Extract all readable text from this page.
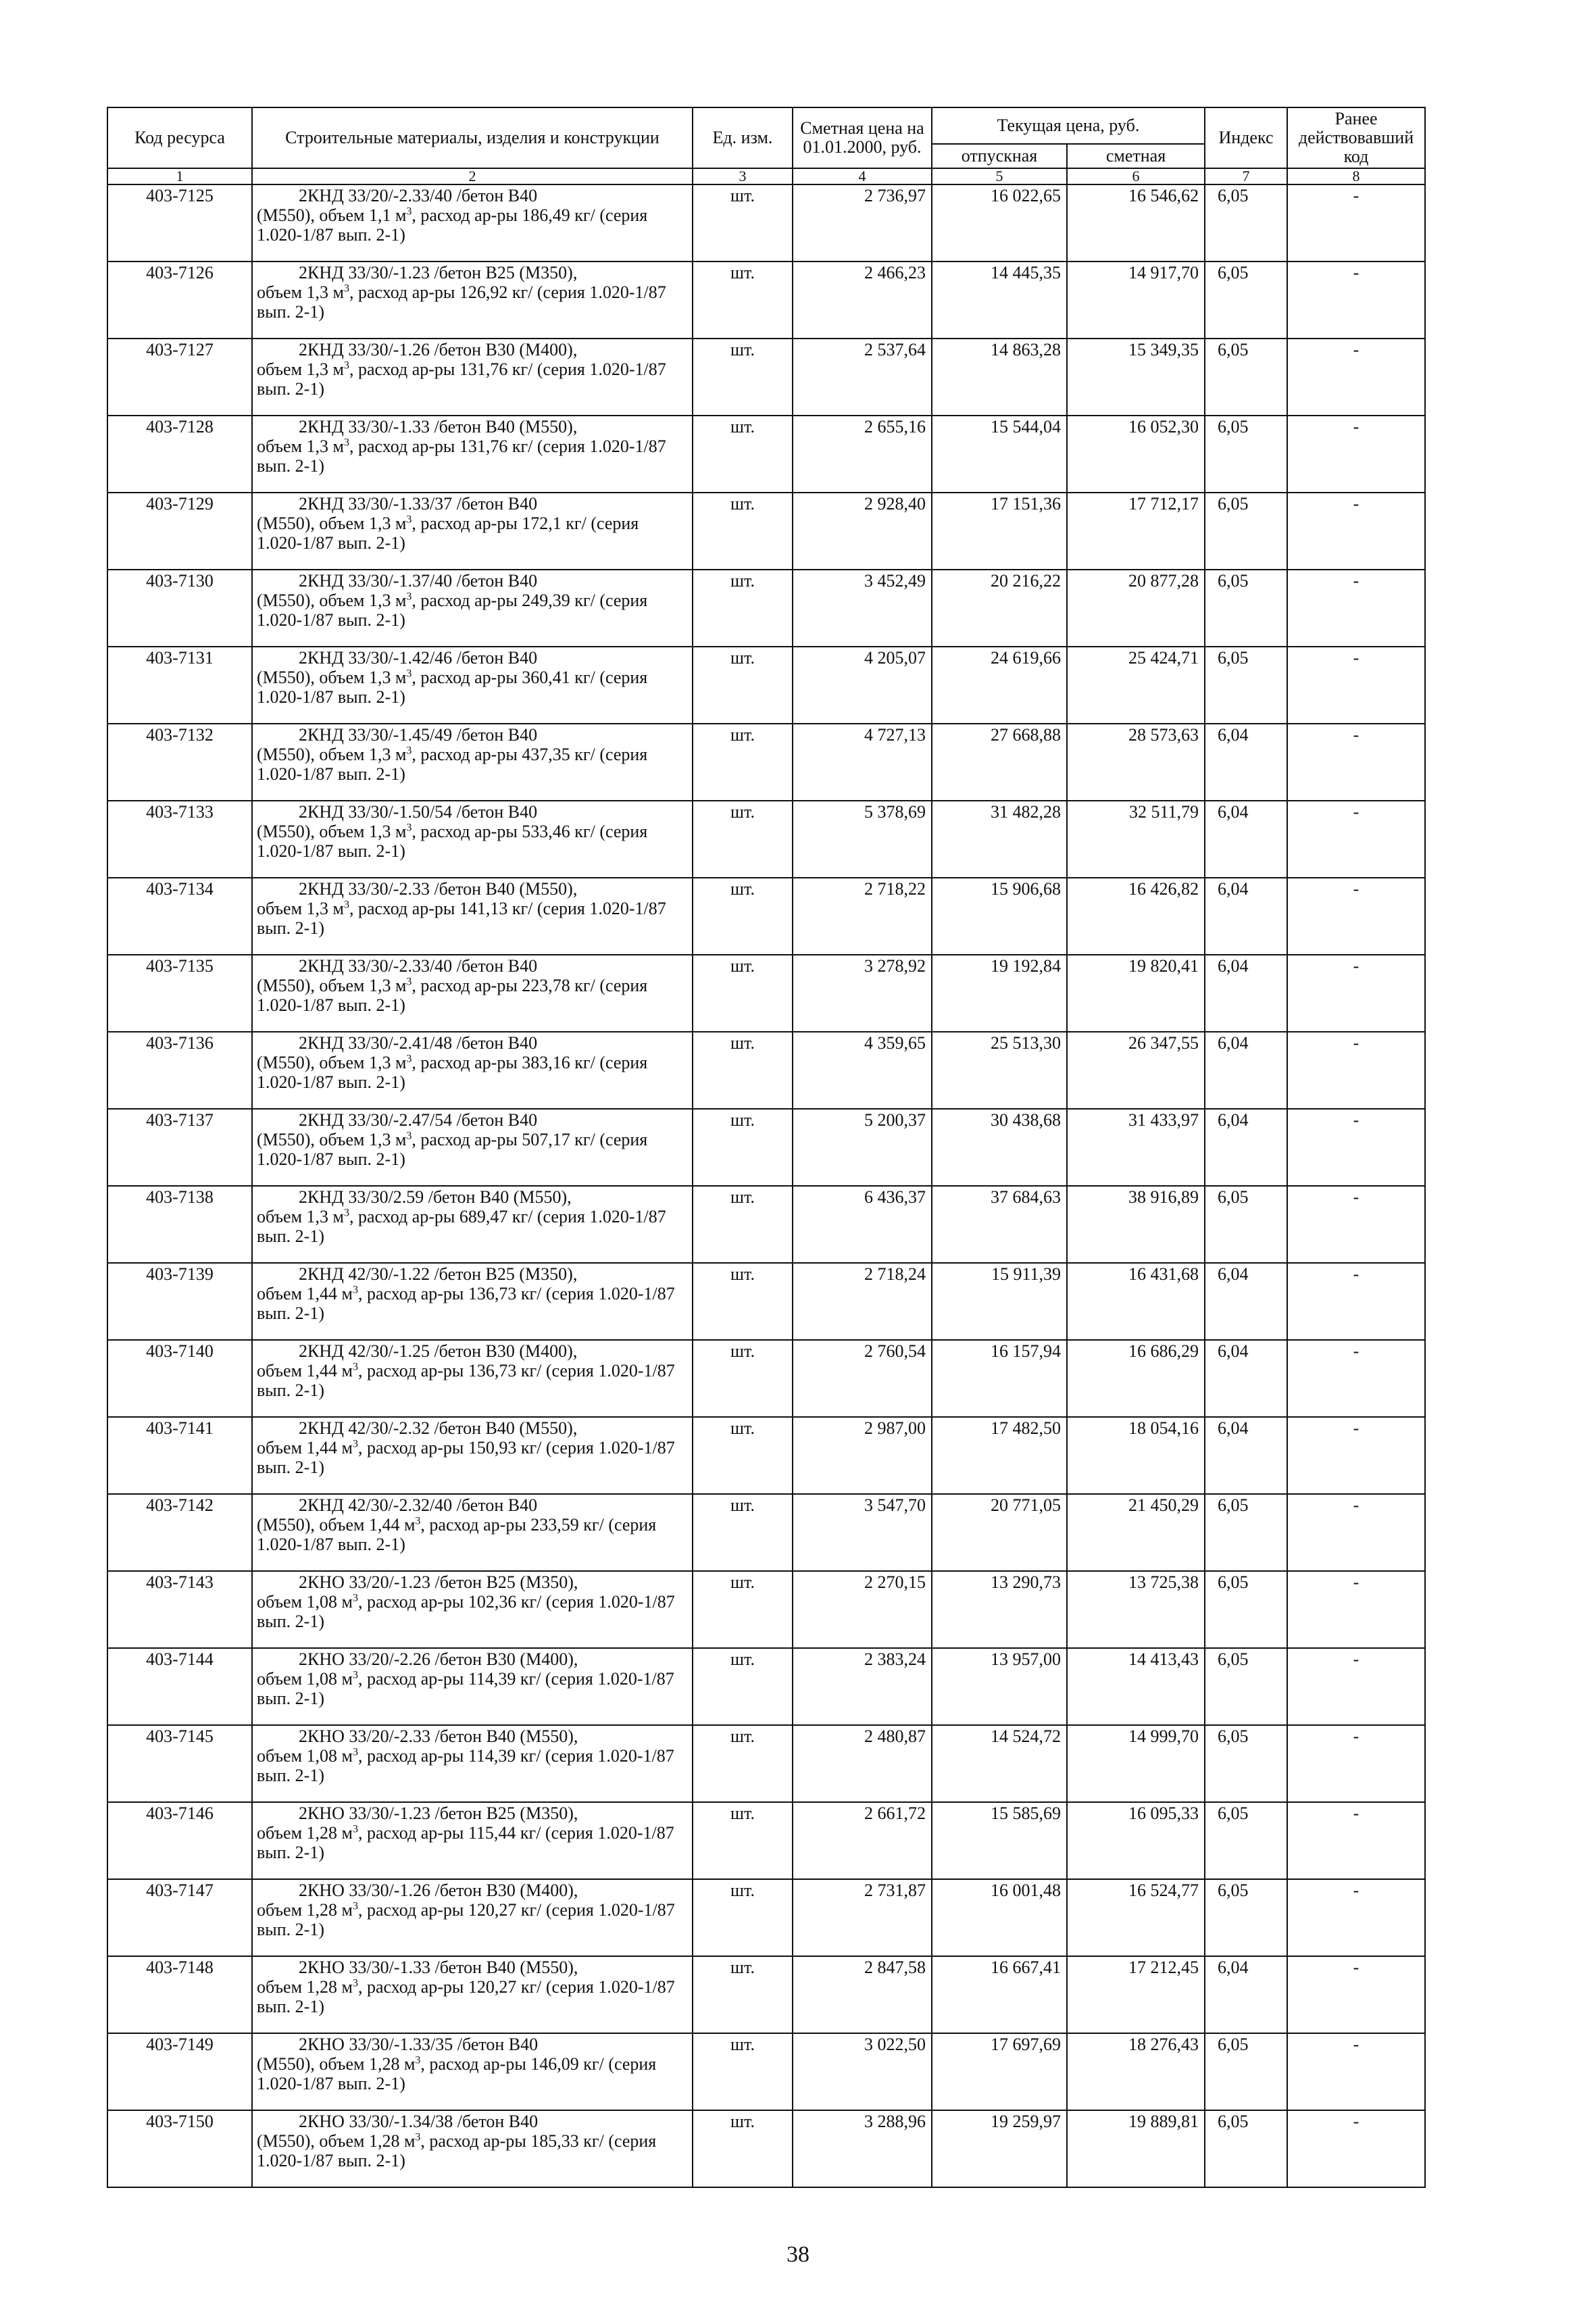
Код ресурса	Строительные материалы, изделия и конструкции	Ед. изм.	Сметная цена на 01.01.2000, руб.	Текущая цена, руб.		Индекс	Ранее действовавший код
				отпускная	сметная		
1	2	3	4	5	6	7	8
403-7125	2КНД 33/20/-2.33/40 /бетон В40
(М550), объем 1,1 $м^3$, расход ар-ры 186,49 кг/ (серия 1.020-1/87 вып. 2-1)	шт.	2 736,97	16 022,65	16 546,62	6,05	-
403-7126	2КНД 33/30/-1.23 /бетон В25 (М350),
объем 1,3 $м^3$, расход ар-ры 126,92 кг/ (серия 1.020-1/87 вып. 2-1)	шт.	2 466,23	14 445,35	14 917,70	6,05	-
403-7127	2КНД 33/30/-1.26 /бетон В30 (М400),
объем 1,3 $м^3$, расход ар-ры 131,76 кг/ (серия 1.020-1/87 вып. 2-1)	шт.	2 537,64	14 863,28	15 349,35	6,05	-
403-7128	2КНД 33/30/-1.33 /бетон В40 (М550),
объем 1,3 $м^3$, расход ар-ры 131,76 кг/ (серия 1.020-1/87 вып. 2-1)	шт.	2 655,16	15 544,04	16 052,30	6,05	-
403-7129	2КНД 33/30/-1.33/37 /бетон В40
(М550), объем 1,3 $м^3$, расход ар-ры 172,1 кг/ (серия 1.020-1/87 вып. 2-1)	шт.	2 928,40	17 151,36	17 712,17	6,05	-
403-7130	2КНД 33/30/-1.37/40 /бетон В40
(М550), объем 1,3 $м^3$, расход ар-ры 249,39 кг/ (серия 1.020-1/87 вып. 2-1)	шт.	3 452,49	20 216,22	20 877,28	6,05	-
403-7131	2КНД 33/30/-1.42/46 /бетон В40
(М550), объем 1,3 $м^3$, расход ар-ры 360,41 кг/ (серия 1.020-1/87 вып. 2-1)	шт.	4 205,07	24 619,66	25 424,71	6,05	-
403-7132	2КНД 33/30/-1.45/49 /бетон В40
(М550), объем 1,3 $м^3$, расход ар-ры 437,35 кг/ (серия 1.020-1/87 вып. 2-1)	шт.	4 727,13	27 668,88	28 573,63	6,04	-
403-7133	2КНД 33/30/-1.50/54 /бетон В40
(М550), объем 1,3 $м^3$, расход ар-ры 533,46 кг/ (серия 1.020-1/87 вып. 2-1)	шт.	5 378,69	31 482,28	32 511,79	6,04	-
403-7134	2КНД 33/30/-2.33 /бетон В40 (М550),
объем 1,3 $м^3$, расход ар-ры 141,13 кг/ (серия 1.020-1/87 вып. 2-1)	шт.	2 718,22	15 906,68	16 426,82	6,04	-
403-7135	2КНД 33/30/-2.33/40 /бетон В40
(М550), объем 1,3 $м^3$, расход ар-ры 223,78 кг/ (серия 1.020-1/87 вып. 2-1)	шт.	3 278,92	19 192,84	19 820,41	6,04	-
403-7136	2КНД 33/30/-2.41/48 /бетон В40
(М550), объем 1,3 $м^3$, расход ар-ры 383,16 кг/ (серия 1.020-1/87 вып. 2-1)	шт.	4 359,65	25 513,30	26 347,55	6,04	-
403-7137	2КНД 33/30/-2.47/54 /бетон В40
(М550), объем 1,3 $м^3$, расход ар-ры 507,17 кг/ (серия 1.020-1/87 вып. 2-1)	шт.	5 200,37	30 438,68	31 433,97	6,04	-
403-7138	2КНД 33/30/2.59 /бетон В40 (М550),
объем 1,3 $м^3$, расход ар-ры 689,47 кг/ (серия 1.020-1/87 вып. 2-1)	шт.	6 436,37	37 684,63	38 916,89	6,05	-
403-7139	2КНД 42/30/-1.22 /бетон В25 (М350),
объем 1,44 $м^3$, расход ар-ры 136,73 кг/ (серия 1.020-1/87 вып. 2-1)	шт.	2 718,24	15 911,39	16 431,68	6,04	-
403-7140	2КНД 42/30/-1.25 /бетон В30 (М400),
объем 1,44 $м^3$, расход ар-ры 136,73 кг/ (серия 1.020-1/87 вып. 2-1)	шт.	2 760,54	16 157,94	16 686,29	6,04	-
403-7141	2КНД 42/30/-2.32 /бетон В40 (М550),
объем 1,44 $м^3$, расход ар-ры 150,93 кг/ (серия 1.020-1/87 вып. 2-1)	шт.	2 987,00	17 482,50	18 054,16	6,04	-
403-7142	2КНД 42/30/-2.32/40 /бетон В40
(М550), объем 1,44 $м^3$, расход ар-ры 233,59 кг/ (серия 1.020-1/87 вып. 2-1)	шт.	3 547,70	20 771,05	21 450,29	6,05	-
403-7143	2КНО 33/20/-1.23 /бетон В25 (М350),
объем 1,08 $м^3$, расход ар-ры 102,36 кг/ (серия 1.020-1/87 вып. 2-1)	шт.	2 270,15	13 290,73	13 725,38	6,05	-
403-7144	2КНО 33/20/-2.26 /бетон В30 (М400),
объем 1,08 $м^3$, расход ар-ры 114,39 кг/ (серия 1.020-1/87 вып. 2-1)	шт.	2 383,24	13 957,00	14 413,43	6,05	-
403-7145	2КНО 33/20/-2.33 /бетон В40 (М550),
объем 1,08 $м^3$, расход ар-ры 114,39 кг/ (серия 1.020-1/87 вып. 2-1)	шт.	2 480,87	14 524,72	14 999,70	6,05	-
403-7146	2КНО 33/30/-1.23 /бетон В25 (М350),
объем 1,28 $м^3$, расход ар-ры 115,44 кг/ (серия 1.020-1/87 вып. 2-1)	шт.	2 661,72	15 585,69	16 095,33	6,05	-
403-7147	2КНО 33/30/-1.26 /бетон В30 (М400),
объем 1,28 $м^3$, расход ар-ры 120,27 кг/ (серия 1.020-1/87 вып. 2-1)	шт.	2 731,87	16 001,48	16 524,77	6,05	-
403-7148	2КНО 33/30/-1.33 /бетон В40 (М550),
объем 1,28 $м^3$, расход ар-ры 120,27 кг/ (серия 1.020-1/87 вып. 2-1)	шт.	2 847,58	16 667,41	17 212,45	6,04	-
403-7149	2КНО 33/30/-1.33/35 /бетон В40
(М550), объем 1,28 $м^3$, расход ар-ры 146,09 кг/ (серия 1.020-1/87 вып. 2-1)	шт.	3 022,50	17 697,69	18 276,43	6,05	-
403-7150	2КНО 33/30/-1.34/38 /бетон В40
(М550), объем 1,28 $м^3$, расход ар-ры 185,33 кг/ (серия 1.020-1/87 вып. 2-1)	шт.	3 288,96	19 259,97	19 889,81	6,05	-
38
